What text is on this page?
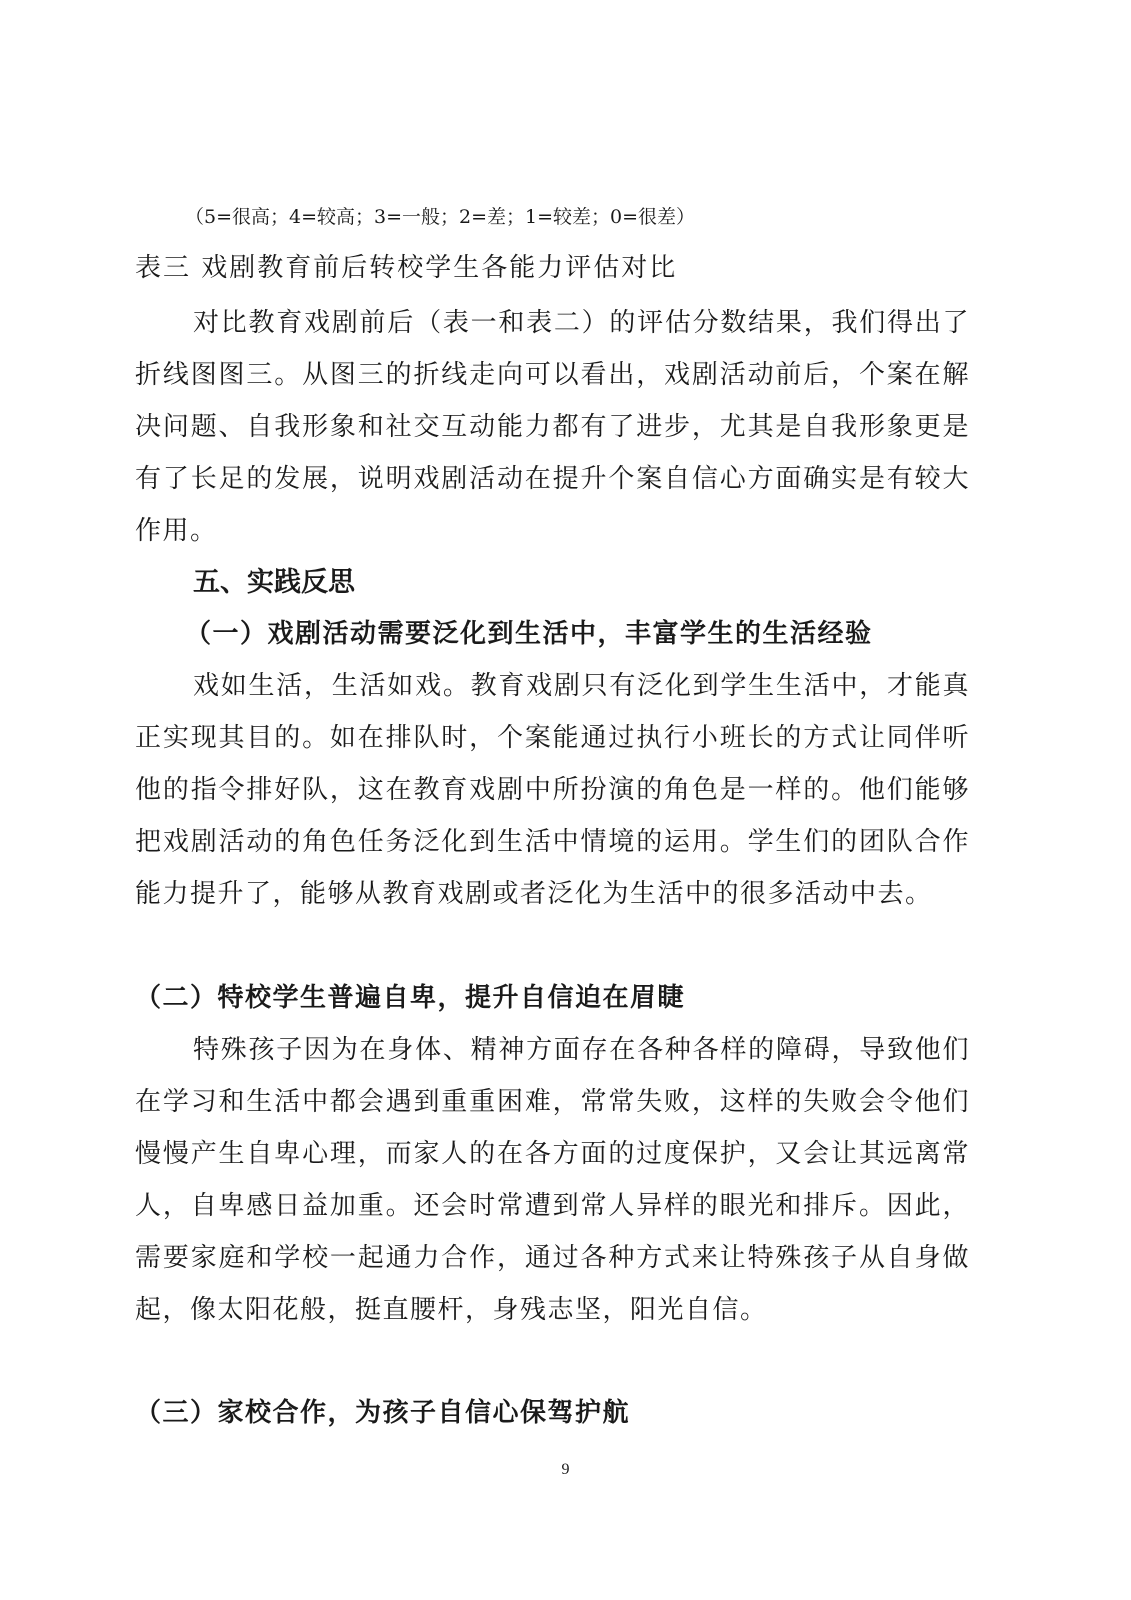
（5=很高；4=较高；3=一般；2=差；1=较差；0=很差）
表三 戏剧教育前后转校学生各能力评估对比

对比教育戏剧前后（表一和表二）的评估分数结果，我们得出了折线图图三。从图三的折线走向可以看出，戏剧活动前后，个案在解决问题、自我形象和社交互动能力都有了进步，尤其是自我形象更是有了长足的发展，说明戏剧活动在提升个案自信心方面确实是有较大作用。

五、实践反思
（一）戏剧活动需要泛化到生活中，丰富学生的生活经验

戏如生活，生活如戏。教育戏剧只有泛化到学生生活中，才能真正实现其目的。如在排队时，个案能通过执行小班长的方式让同伴听他的指令排好队，这在教育戏剧中所扮演的角色是一样的。他们能够把戏剧活动的角色任务泛化到生活中情境的运用。学生们的团队合作能力提升了，能够从教育戏剧或者泛化为生活中的很多活动中去。

（二）特校学生普遍自卑，提升自信迫在眉睫

特殊孩子因为在身体、精神方面存在各种各样的障碍，导致他们在学习和生活中都会遇到重重困难，常常失败，这样的失败会令他们慢慢产生自卑心理，而家人的在各方面的过度保护，又会让其远离常人，自卑感日益加重。还会时常遭到常人异样的眼光和排斥。因此，需要家庭和学校一起通力合作，通过各种方式来让特殊孩子从自身做起，像太阳花般，挺直腰杆，身残志坚，阳光自信。

（三）家校合作，为孩子自信心保驾护航
9
